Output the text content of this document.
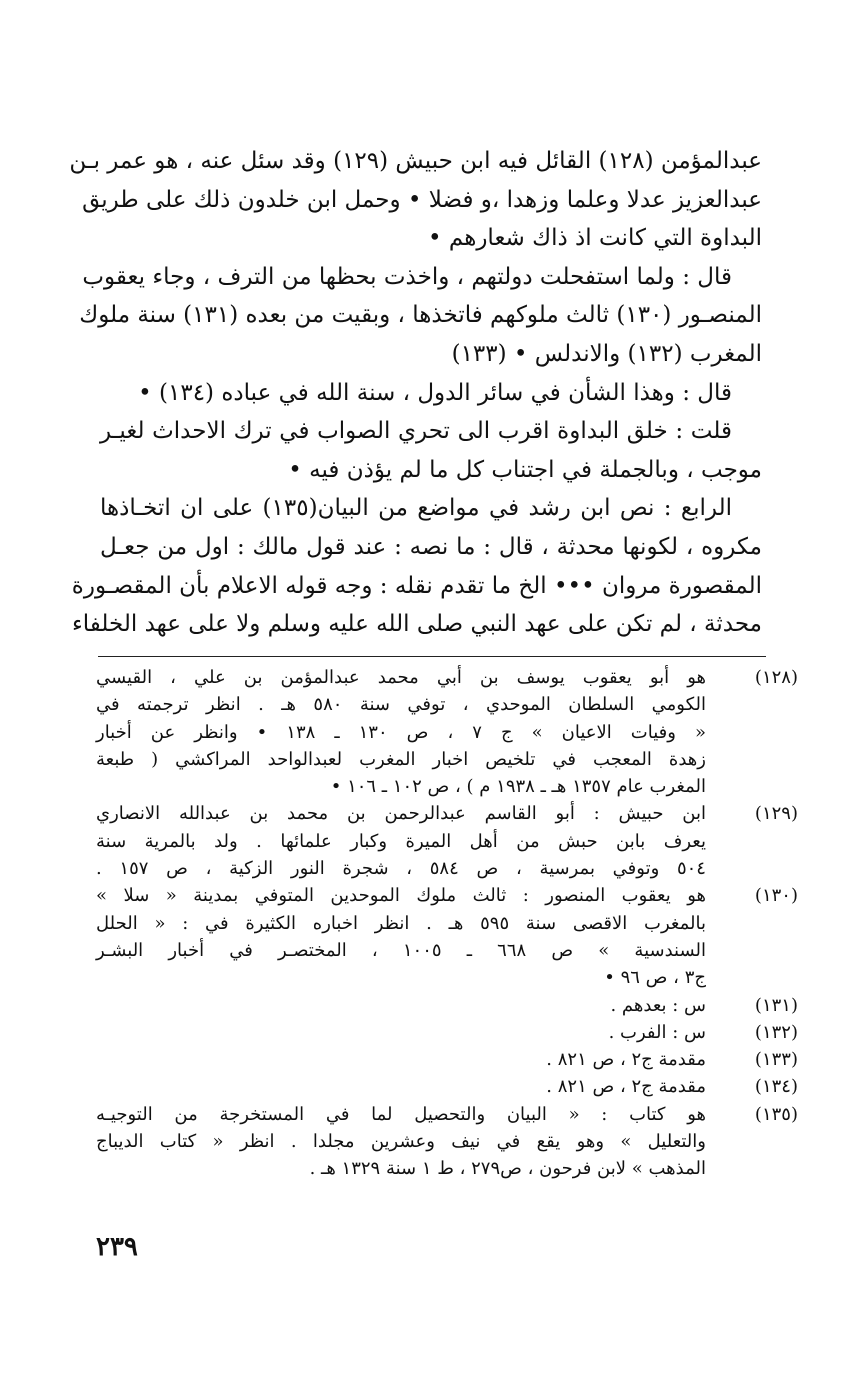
عبدالمؤمن (١٢٨) القائل فيه ابن حبيش (١٢٩) وقد سئل عنه ، هو عمر بـن
عبدالعزيز عدلا وعلما وزهدا ،و فضلا • وحمل ابن خلدون ذلك على طريق
البداوة التي كانت اذ ذاك شعارهم •
قال : ولما استفحلت دولتهم ، واخذت بحظها من الترف ، وجاء يعقوب
المنصـور (١٣٠) ثالث ملوكهم فاتخذها ، وبقيت من بعده (١٣١) سنة ملوك
المغرب (١٣٢) والاندلس • (١٣٣)
قال : وهذا الشأن في سائر الدول ، سنة الله في عباده (١٣٤) •
قلت : خلق البداوة اقرب الى تحري الصواب في ترك الاحداث لغيـر
موجب ، وبالجملة في اجتناب كل ما لم يؤذن فيه •
الرابع : نص ابن رشد في مواضع من البيان(١٣٥) على ان اتخـاذها
مكروه ، لكونها محدثة ، قال : ما نصه : عند قول مالك : اول من جعـل
المقصورة مروان ••• الخ ما تقدم نقله : وجه قوله الاعلام بأن المقصـورة
محدثة ، لم تكن على عهد النبي صلى الله عليه وسلم ولا على عهد الخلفاء
(١٢٨)
هو أبو يعقوب يوسف بن أبي محمد عبدالمؤمن بن علي ، القيسي
الكومي السلطان الموحدي ، توفي سنة ٥٨٠ هـ . انظر ترجمته في
« وفيات الاعيان » ج ٧ ، ص ١٣٠ ـ ١٣٨ • وانظر عن أخبار
زهدة المعجب في تلخيص اخبار المغرب لعبدالواحد المراكشي ( طبعة
المغرب عام ١٣٥٧ هـ ـ ١٩٣٨ م ) ، ص ١٠٢ ـ ١٠٦ •
(١٢٩)
ابن حبيش : أبو القاسم عبدالرحمن بن محمد بن عبدالله الانصاري
يعرف بابن حبش من أهل الميرة وكبار علمائها . ولد بالمرية سنة
٥٠٤ وتوفي بمرسية ، ص ٥٨٤ ، شجرة النور الزكية ، ص ١٥٧ .
(١٣٠)
هو يعقوب المنصور : ثالث ملوك الموحدين المتوفي بمدينة « سلا »
بالمغرب الاقصى سنة ٥٩٥ هـ . انظر اخباره الكثيرة في : « الحلل
السندسية » ص ٦٦٨ ـ ١٠٠٥ ، المختصـر في أخبار البشـر
ج٣ ، ص ٩٦ •
(١٣١)
س : بعدهم .
(١٣٢)
س : الفرب .
(١٣٣)
مقدمة ج٢ ، ص ٨٢١ .
(١٣٤)
مقدمة ج٢ ، ص ٨٢١ .
(١٣٥)
هو كتاب : « البيان والتحصيل لما في المستخرجة من التوجيـه
والتعليل » وهو يقع في نيف وعشرين مجلدا . انظر « كتاب الديباج
المذهب » لابن فرحون ، ص٢٧٩ ، ط ١ سنة ١٣٢٩ هـ .
٢٣٩
